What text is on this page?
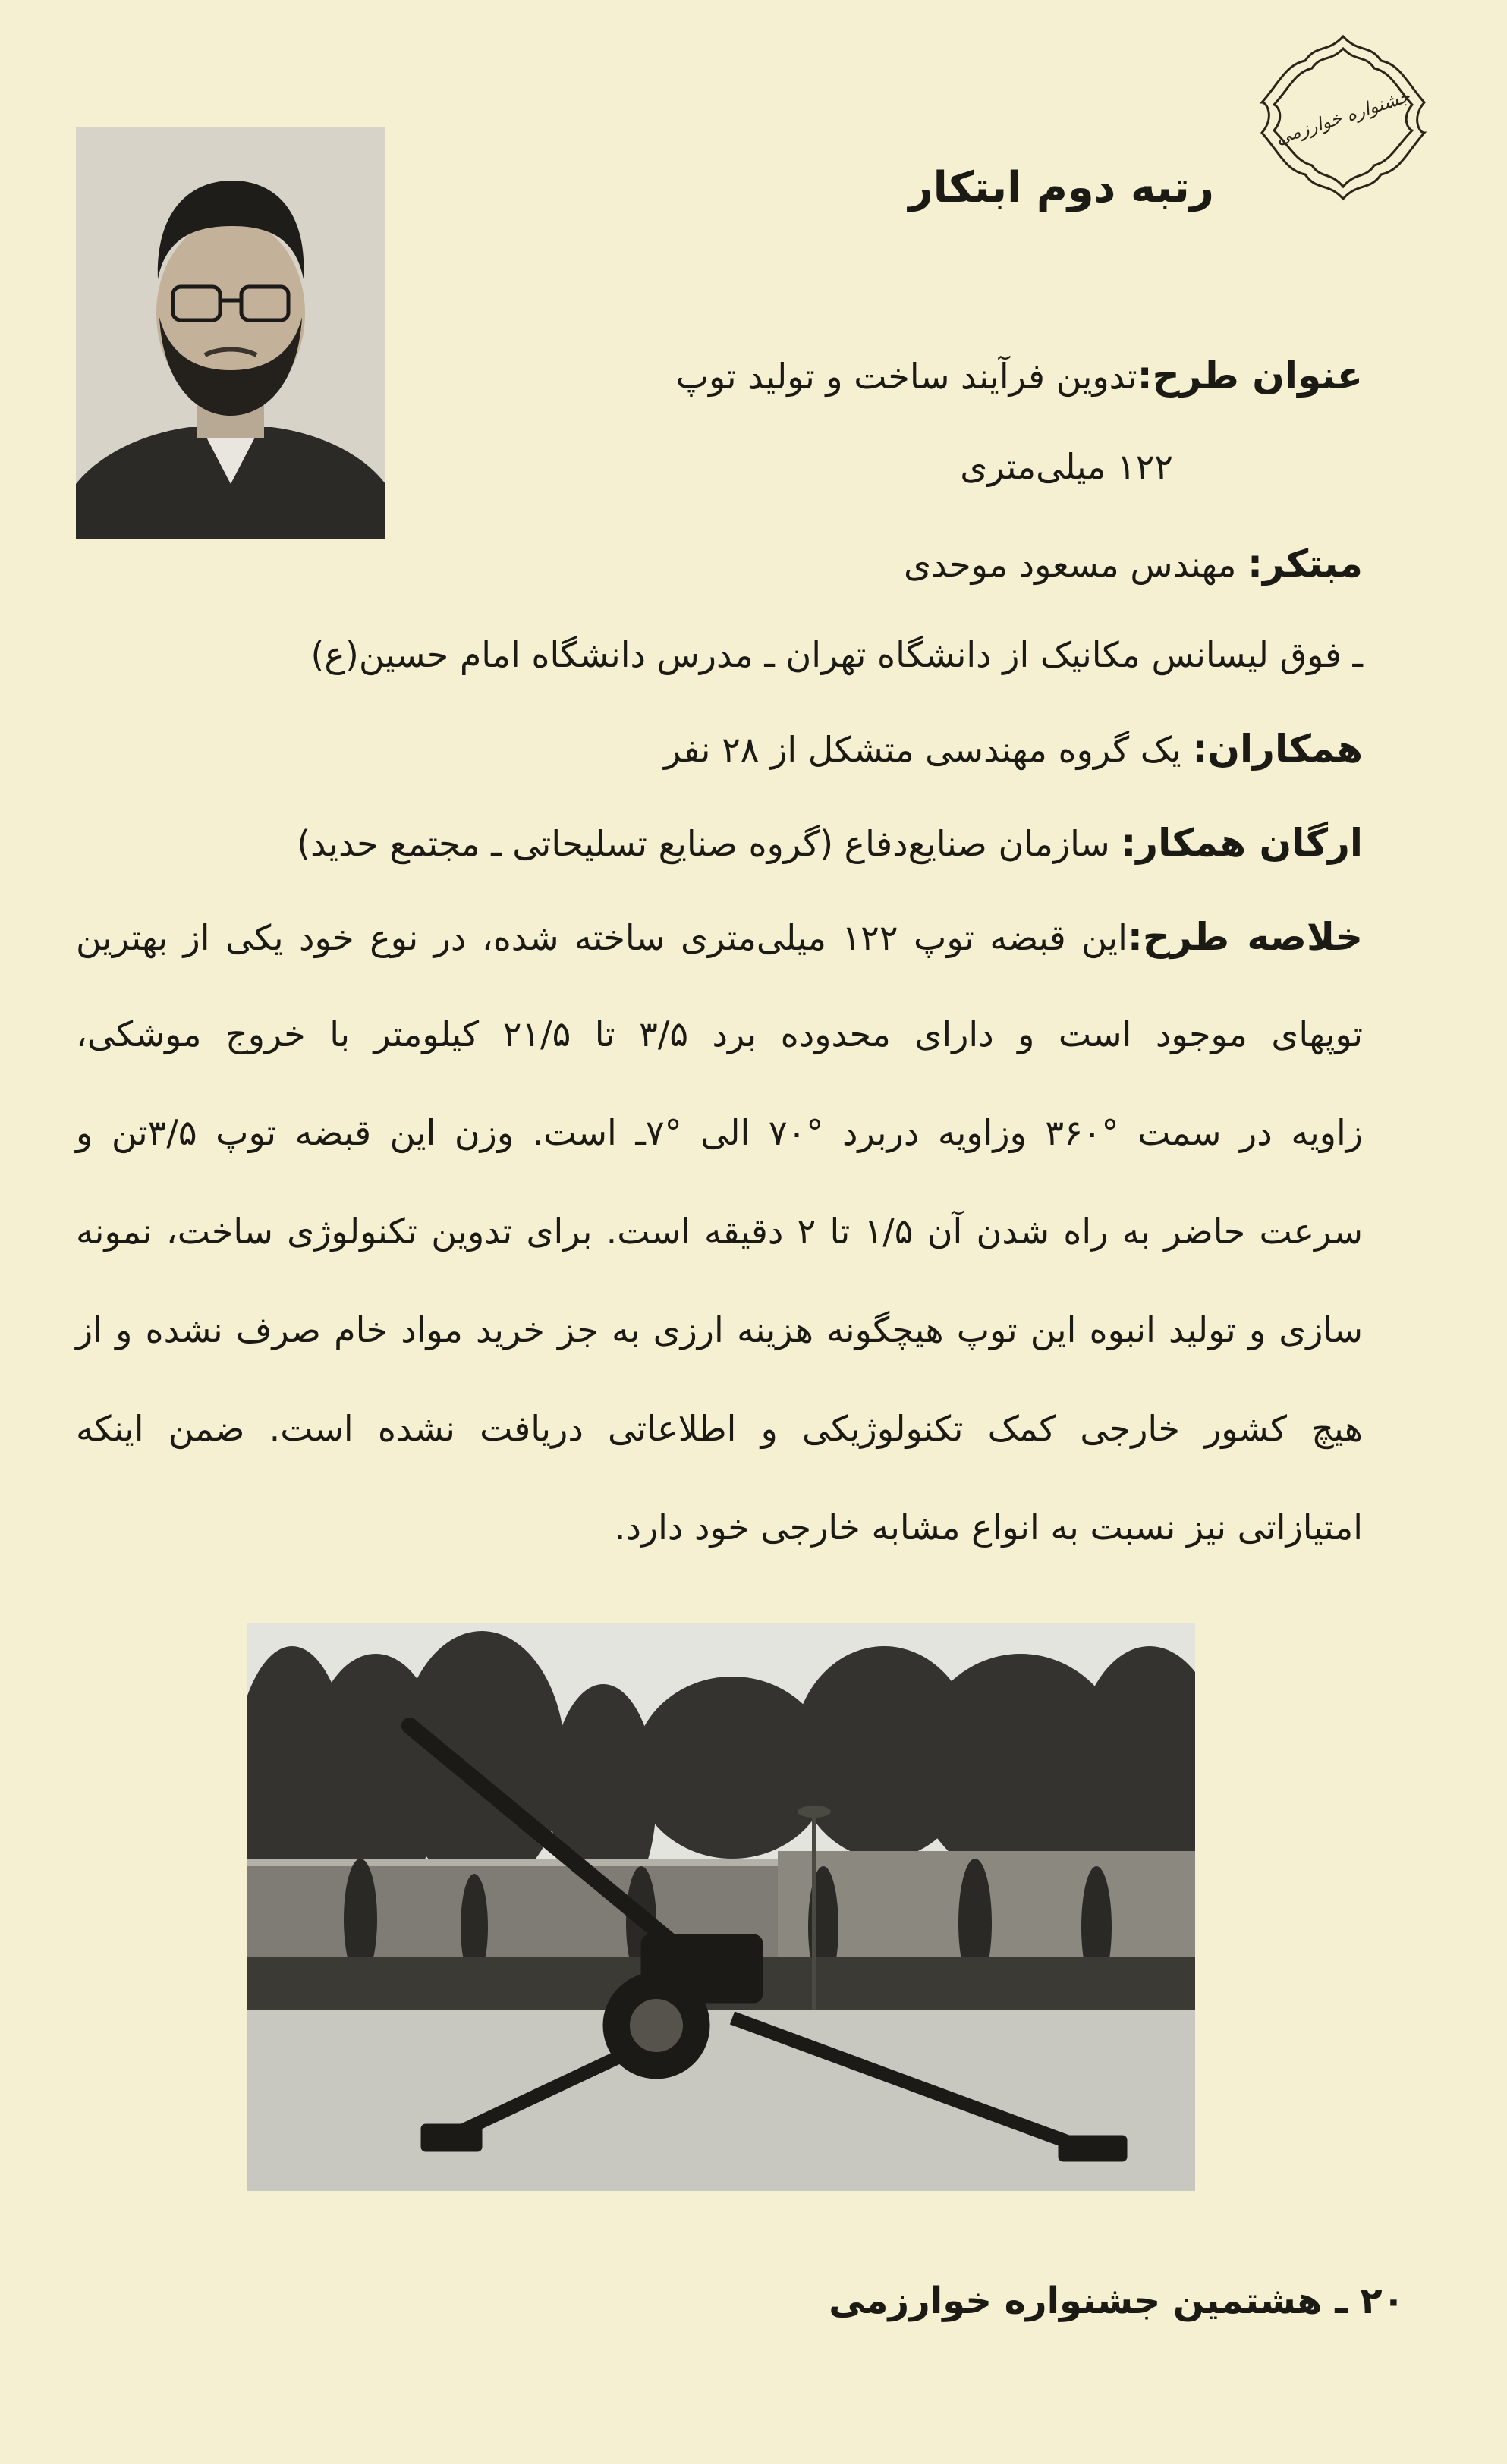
جشنواره خوارزمی
رتبه دوم ابتکار
عنوان طرح:تدوین فرآیند ساخت و تولید توپ
۱۲۲ میلی‌متری
مبتکر: مهندس مسعود موحدی
ـ فوق لیسانس مکانیک از دانشگاه تهران ـ مدرس دانشگاه امام حسین(ع)
همکاران: یک گروه مهندسی متشکل از ۲۸ نفر
ارگان همکار: سازمان صنایع‌دفاع (گروه صنایع تسلیحاتی ـ مجتمع حدید)
خلاصه طرح:این قبضه توپ ۱۲۲ میلی‌متری ساخته شده، در نوع خود یکی از بهترین
توپهای موجود است و دارای محدوده برد ۳/۵ تا ۲۱/۵ کیلومتر با خروج موشکی،
زاویه در سمت °۳۶۰ وزاویه دربرد °۷۰ الی °۷ـ است. وزن این قبضه توپ ۳/۵تن و
سرعت حاضر به راه شدن آن ۱/۵ تا ۲ دقیقه است. برای تدوین تکنولوژی ساخت، نمونه
سازی و تولید انبوه این توپ هیچگونه هزینه ارزی به جز خرید مواد خام صرف نشده و از
هیچ کشور خارجی کمک تکنولوژیکی و اطلاعاتی دریافت نشده است. ضمن اینکه
امتیازاتی نیز نسبت به انواع مشابه خارجی خود دارد.
۲۰ ـ هشتمین جشنواره خوارزمی
